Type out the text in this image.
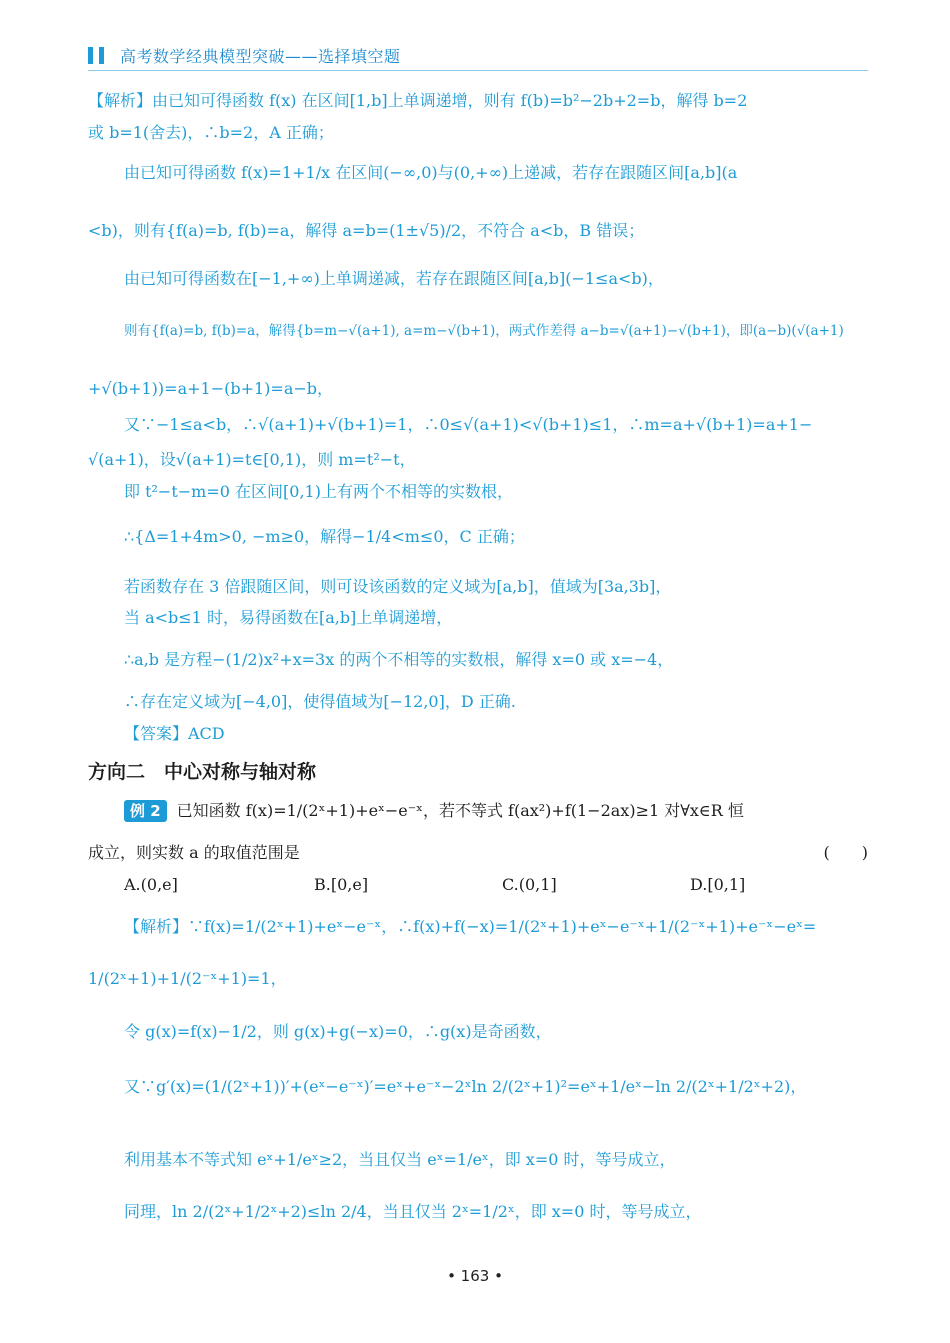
高考数学经典模型突破——选择填空题
【解析】由已知可得函数 f(x) 在区间[1,b]上单调递增，则有 f(b)=b²−2b+2=b，解得 b=2
或 b=1(舍去)，∴b=2，A 正确；
由已知可得函数 f(x)=1+1/x 在区间(−∞,0)与(0,+∞)上递减，若存在跟随区间[a,b](a
<b)，则有{f(a)=b, f(b)=a，解得 a=b=(1±√5)/2，不符合 a<b，B 错误；
由已知可得函数在[−1,+∞)上单调递减，若存在跟随区间[a,b](−1≤a<b)，
则有{f(a)=b, f(b)=a，解得{b=m−√(a+1), a=m−√(b+1)，两式作差得 a−b=√(a+1)−√(b+1)，即(a−b)(√(a+1)
+√(b+1))=a+1−(b+1)=a−b，
又∵−1≤a<b，∴√(a+1)+√(b+1)=1，∴0≤√(a+1)<√(b+1)≤1，∴m=a+√(b+1)=a+1−
√(a+1)，设√(a+1)=t∈[0,1)，则 m=t²−t，
即 t²−t−m=0 在区间[0,1)上有两个不相等的实数根，
∴{Δ=1+4m>0, −m≥0，解得−1/4<m≤0，C 正确；
若函数存在 3 倍跟随区间，则可设该函数的定义域为[a,b]，值域为[3a,3b]，
当 a<b≤1 时，易得函数在[a,b]上单调递增，
∴a,b 是方程−(1/2)x²+x=3x 的两个不相等的实数根，解得 x=0 或 x=−4，
∴存在定义域为[−4,0]，使得值域为[−12,0]，D 正确.
【答案】ACD
方向二　中心对称与轴对称
例 2 已知函数 f(x)=1/(2ˣ+1)+eˣ−e⁻ˣ，若不等式 f(ax²)+f(1−2ax)≥1 对∀x∈R 恒
成立，则实数 a 的取值范围是	(　　)
A.(0,e]	B.[0,e]	C.(0,1]	D.[0,1]
【解析】∵f(x)=1/(2ˣ+1)+eˣ−e⁻ˣ，∴f(x)+f(−x)=1/(2ˣ+1)+eˣ−e⁻ˣ+1/(2⁻ˣ+1)+e⁻ˣ−eˣ=
1/(2ˣ+1)+1/(2⁻ˣ+1)=1，
令 g(x)=f(x)−1/2，则 g(x)+g(−x)=0，∴g(x)是奇函数，
又∵g′(x)=(1/(2ˣ+1))′+(eˣ−e⁻ˣ)′=eˣ+e⁻ˣ−2ˣln 2/(2ˣ+1)²=eˣ+1/eˣ−ln 2/(2ˣ+1/2ˣ+2)，
利用基本不等式知 eˣ+1/eˣ≥2，当且仅当 eˣ=1/eˣ，即 x=0 时，等号成立，
同理，ln 2/(2ˣ+1/2ˣ+2)≤ln 2/4，当且仅当 2ˣ=1/2ˣ，即 x=0 时，等号成立，
• 163 •
